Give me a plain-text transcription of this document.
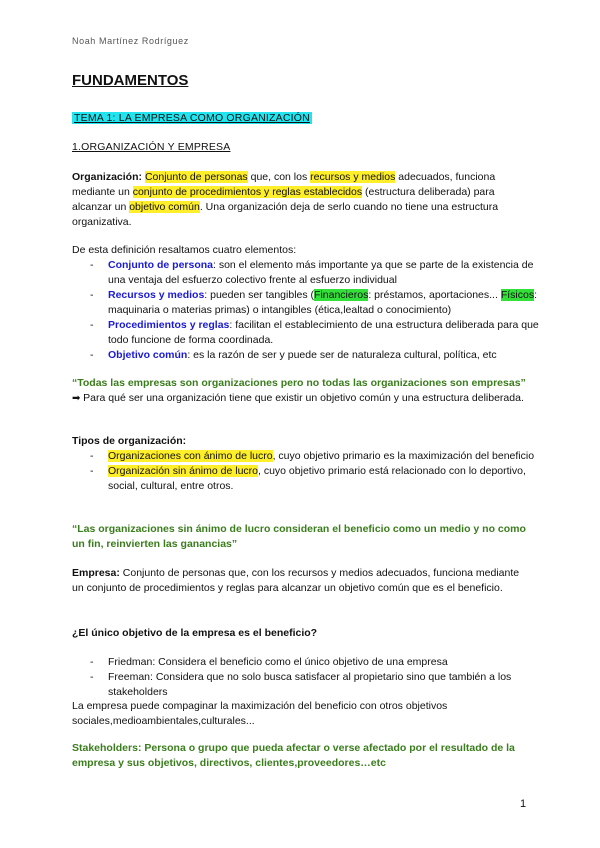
Noah Martínez Rodríguez
FUNDAMENTOS
TEMA 1: LA EMPRESA COMO ORGANIZACIÓN
1.ORGANIZACIÓN Y EMPRESA

Organización: Conjunto de personas que, con los recursos y medios adecuados, funciona mediante un conjunto de procedimientos y reglas establecidos (estructura deliberada) para alcanzar un objetivo común. Una organización deja de serlo cuando no tiene una estructura organizativa.

De esta definición resaltamos cuatro elementos:

- Conjunto de persona: son el elemento más importante ya que se parte de la existencia de una ventaja del esfuerzo colectivo frente al esfuerzo individual
- Recursos y medios: pueden ser tangibles (Financieros: préstamos, aportaciones... Físicos: maquinaria o materias primas) o intangibles (ética,lealtad o conocimiento)
- Procedimientos y reglas: facilitan el establecimiento de una estructura deliberada para que todo funcione de forma coordinada.
- Objetivo común: es la razón de ser y puede ser de naturaleza cultural, política, etc

“Todas las empresas son organizaciones pero no todas las organizaciones son empresas” ➡ Para qué ser una organización tiene que existir un objetivo común y una estructura deliberada.

Tipos de organización:

- Organizaciones con ánimo de lucro, cuyo objetivo primario es la maximización del beneficio
- Organización sin ánimo de lucro, cuyo objetivo primario está relacionado con lo deportivo, social, cultural, entre otros.

“Las organizaciones sin ánimo de lucro consideran el beneficio como un medio y no como un fin, reinvierten las ganancias”

Empresa: Conjunto de personas que, con los recursos y medios adecuados, funciona mediante un conjunto de procedimientos y reglas para alcanzar un objetivo común que es el beneficio.

¿El único objetivo de la empresa es el beneficio?

- Friedman: Considera el beneficio como el único objetivo de una empresa
- Freeman: Considera que no solo busca satisfacer al propietario sino que también a los stakeholders

La empresa puede compaginar la maximización del beneficio con otros objetivos sociales,medioambientales,culturales...

Stakeholders: Persona o grupo que pueda afectar o verse afectado por el resultado de la empresa y sus objetivos, directivos, clientes,proveedores…etc

1
